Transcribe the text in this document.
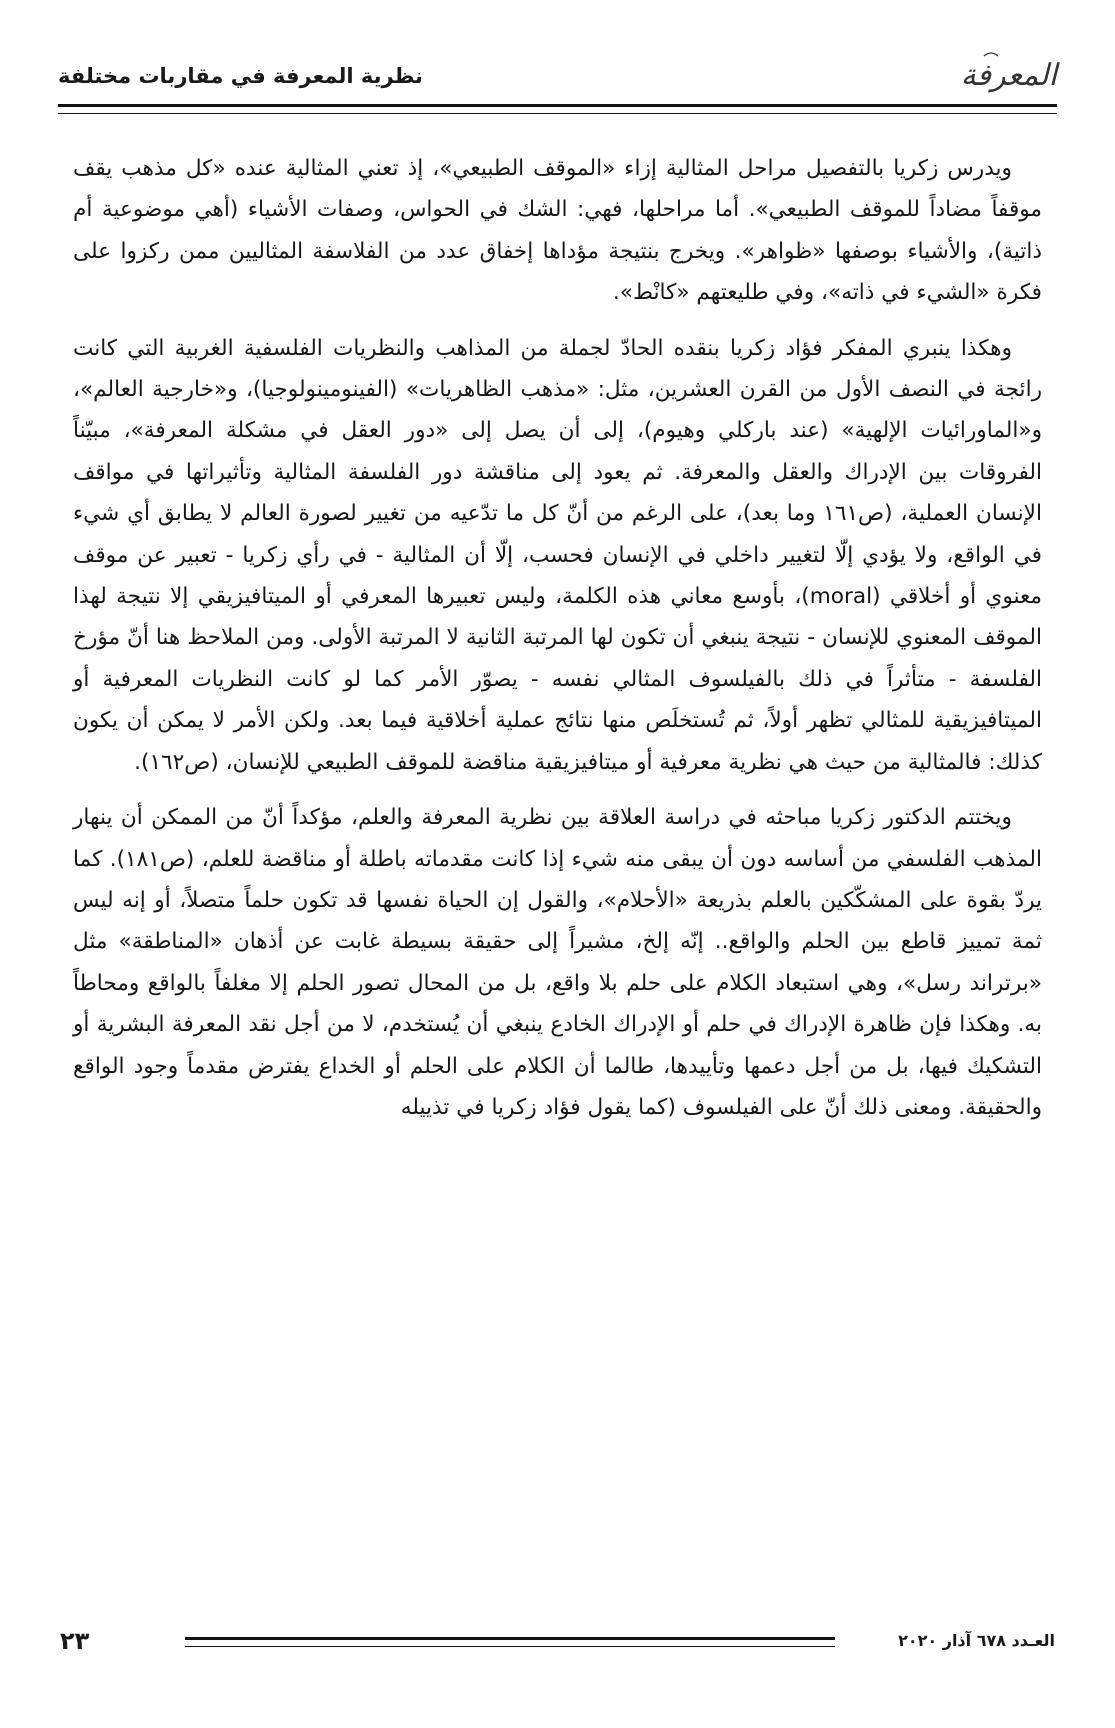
المعرفة
نظرية المعرفة في مقاربات مختلفة

ويدرس زكريا بالتفصيل مراحل المثالية إزاء «الموقف الطبيعي»، إذ تعني المثالية عنده «كل مذهب يقف موقفاً مضاداً للموقف الطبيعي». أما مراحلها، فهي: الشك في الحواس، وصفات الأشياء (أهي موضوعية أم ذاتية)، والأشياء بوصفها «ظواهر». ويخرج بنتيجة مؤداها إخفاق عدد من الفلاسفة المثاليين ممن ركزوا على فكرة «الشيء في ذاته»، وفي طليعتهم «كانْط».

وهكذا ينبري المفكر فؤاد زكريا بنقده الحادّ لجملة من المذاهب والنظريات الفلسفية الغربية التي كانت رائجة في النصف الأول من القرن العشرين، مثل: «مذهب الظاهريات» (الفينومينولوجيا)، و«خارجية العالم»، و«الماورائيات الإلهية» (عند باركلي وهيوم)، إلى أن يصل إلى «دور العقل في مشكلة المعرفة»، مبيّناً الفروقات بين الإدراك والعقل والمعرفة. ثم يعود إلى مناقشة دور الفلسفة المثالية وتأثيراتها في مواقف الإنسان العملية، (ص١٦١ وما بعد)، على الرغم من أنّ كل ما تدّعيه من تغيير لصورة العالم لا يطابق أي شيء في الواقع، ولا يؤدي إلّا لتغيير داخلي في الإنسان فحسب، إلّا أن المثالية - في رأي زكريا - تعبير عن موقف معنوي أو أخلاقي (moral)، بأوسع معاني هذه الكلمة، وليس تعبيرها المعرفي أو الميتافيزيقي إلا نتيجة لهذا الموقف المعنوي للإنسان - نتيجة ينبغي أن تكون لها المرتبة الثانية لا المرتبة الأولى. ومن الملاحظ هنا أنّ مؤرخ الفلسفة - متأثراً في ذلك بالفيلسوف المثالي نفسه - يصوّر الأمر كما لو كانت النظريات المعرفية أو الميتافيزيقية للمثالي تظهر أولاً، ثم تُستخلَص منها نتائج عملية أخلاقية فيما بعد. ولكن الأمر لا يمكن أن يكون كذلك: فالمثالية من حيث هي نظرية معرفية أو ميتافيزيقية مناقضة للموقف الطبيعي للإنسان، (ص١٦٢).

ويختتم الدكتور زكريا مباحثه في دراسة العلاقة بين نظرية المعرفة والعلم، مؤكداً أنّ من الممكن أن ينهار المذهب الفلسفي من أساسه دون أن يبقى منه شيء إذا كانت مقدماته باطلة أو مناقضة للعلم، (ص١٨١). كما يردّ بقوة على المشكّكين بالعلم بذريعة «الأحلام»، والقول إن الحياة نفسها قد تكون حلماً متصلاً، أو إنه ليس ثمة تمييز قاطع بين الحلم والواقع.. إنّه إلخ، مشيراً إلى حقيقة بسيطة غابت عن أذهان «المناطقة» مثل «برتراند رسل»، وهي استبعاد الكلام على حلم بلا واقع، بل من المحال تصور الحلم إلا مغلفاً بالواقع ومحاطاً به. وهكذا فإن ظاهرة الإدراك في حلم أو الإدراك الخادع ينبغي أن يُستخدم، لا من أجل نقد المعرفة البشرية أو التشكيك فيها، بل من أجل دعمها وتأييدها، طالما أن الكلام على الحلم أو الخداع يفترض مقدماً وجود الواقع والحقيقة. ومعنى ذلك أنّ على الفيلسوف (كما يقول فؤاد زكريا في تذييله

٢٣	العـدد ٦٧٨ آذار ٢٠٢٠
